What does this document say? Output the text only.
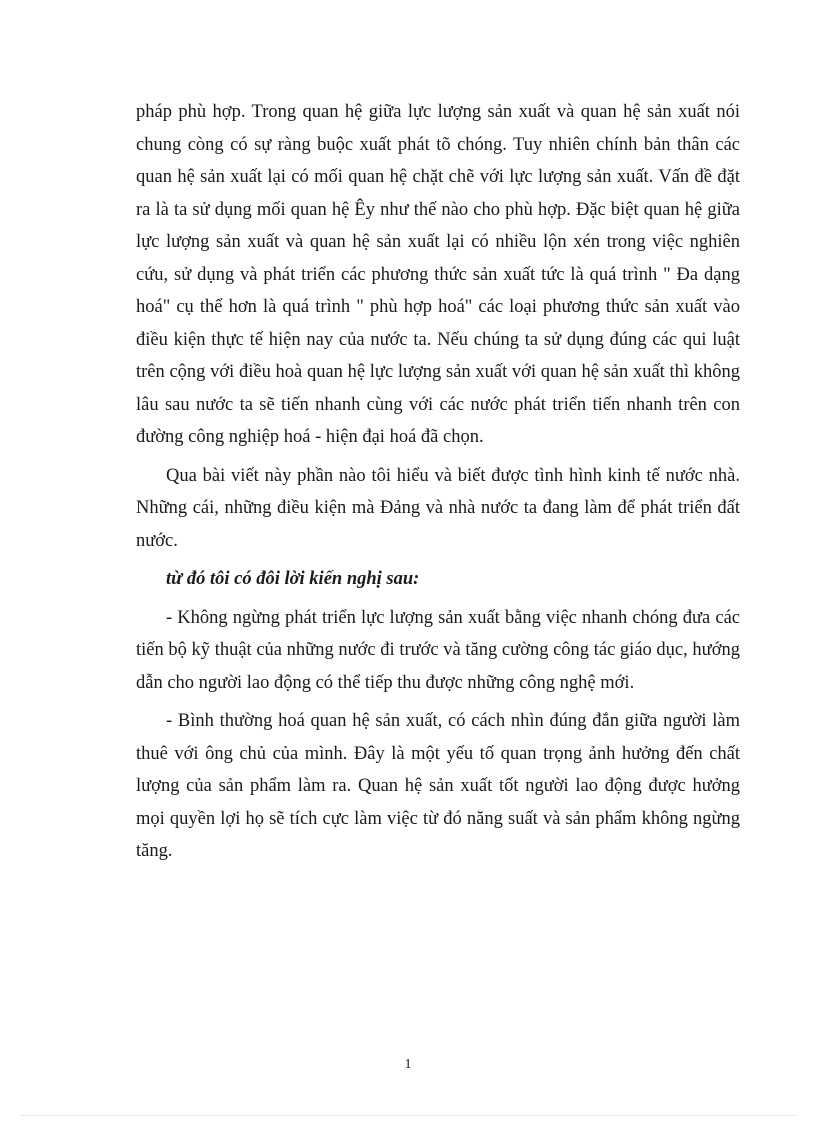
pháp phù hợp. Trong quan hệ giữa lực lượng sản xuất và quan hệ sản xuất nói chung còng có sự ràng buộc xuất phát tõ chóng. Tuy nhiên chính bản thân các quan hệ sản xuất lại có mối quan hệ chặt chẽ với lực lượng sản xuất. Vấn đề đặt ra là ta sử dụng mối quan hệ Êy như thế nào cho phù hợp. Đặc biệt quan hệ giữa lực lượng sản xuất và quan hệ sản xuất lại có nhiều lộn xén trong việc nghiên cứu, sử dụng và phát triển các phương thức sản xuất tức là quá trình " Đa dạng hoá" cụ thể hơn là quá trình " phù hợp hoá" các loại phương thức sản xuất vào điều kiện thực tế hiện nay của nước ta. Nếu chúng ta sử dụng đúng các qui luật trên cộng với điều hoà quan hệ lực lượng sản xuất với quan hệ sản xuất thì không lâu sau nước ta sẽ tiến nhanh cùng với các nước phát triển tiến nhanh trên con đường công nghiệp hoá - hiện đại hoá đã chọn.

Qua bài viết này phần nào tôi hiểu và biết được tình hình kinh tế nước nhà. Những cái, những điều kiện mà Đảng và nhà nước ta đang làm để phát triển đất nước.

từ đó tôi có đôi lời kiến nghị sau:

- Không ngừng phát triển lực lượng sản xuất bằng việc nhanh chóng đưa các tiến bộ kỹ thuật của những nước đi trước và tăng cường công tác giáo dục, hướng dẫn cho người lao động có thể tiếp thu được những công nghệ mới.

- Bình thường hoá quan hệ sản xuất, có cách nhìn đúng đắn giữa người làm thuê với ông chủ của mình. Đây là một yếu tố quan trọng ảnh hưởng đến chất lượng của sản phẩm làm ra. Quan hệ sản xuất tốt người lao động được hưởng mọi quyền lợi họ sẽ tích cực làm việc từ đó năng suất và sản phẩm không ngừng tăng.

1
